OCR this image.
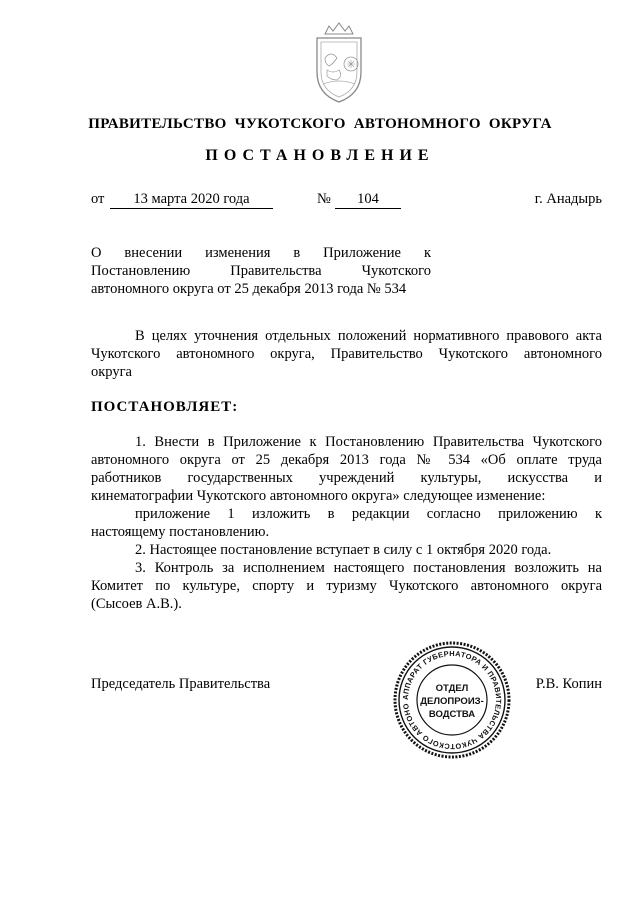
ПРАВИТЕЛЬСТВО ЧУКОТСКОГО АВТОНОМНОГО ОКРУГА
ПОСТАНОВЛЕНИЕ
от	13 марта 2020 года	№	104	г. Анадырь
О внесении изменения в Приложение к
Постановлению Правительства Чукотского
автономного округа от 25 декабря 2013 года № 534
В целях уточнения отдельных положений нормативного правового акта
Чукотского автономного округа, Правительство Чукотского автономного
округа
ПОСТАНОВЛЯЕТ:
1. Внести в Приложение к Постановлению Правительства Чукотского
автономного округа от 25 декабря 2013 года № 534 «Об оплате труда
работников государственных учреждений культуры, искусства и
кинематографии Чукотского автономного округа» следующее изменение:
приложение 1 изложить в редакции согласно приложению к
настоящему постановлению.
2. Настоящее постановление вступает в силу с 1 октября 2020 года.
3. Контроль за исполнением настоящего постановления возложить на
Комитет по культуре, спорту и туризму Чукотского автономного округа
(Сысоев А.В.).
Председатель Правительства	Р.В. Копин
АППАРАТ ГУБЕРНАТОРА И ПРАВИТЕЛЬСТВА ЧУКОТСКОГО АВТОНО
ОТДЕЛ
ДЕЛОПРОИЗ-
ВОДСТВА
